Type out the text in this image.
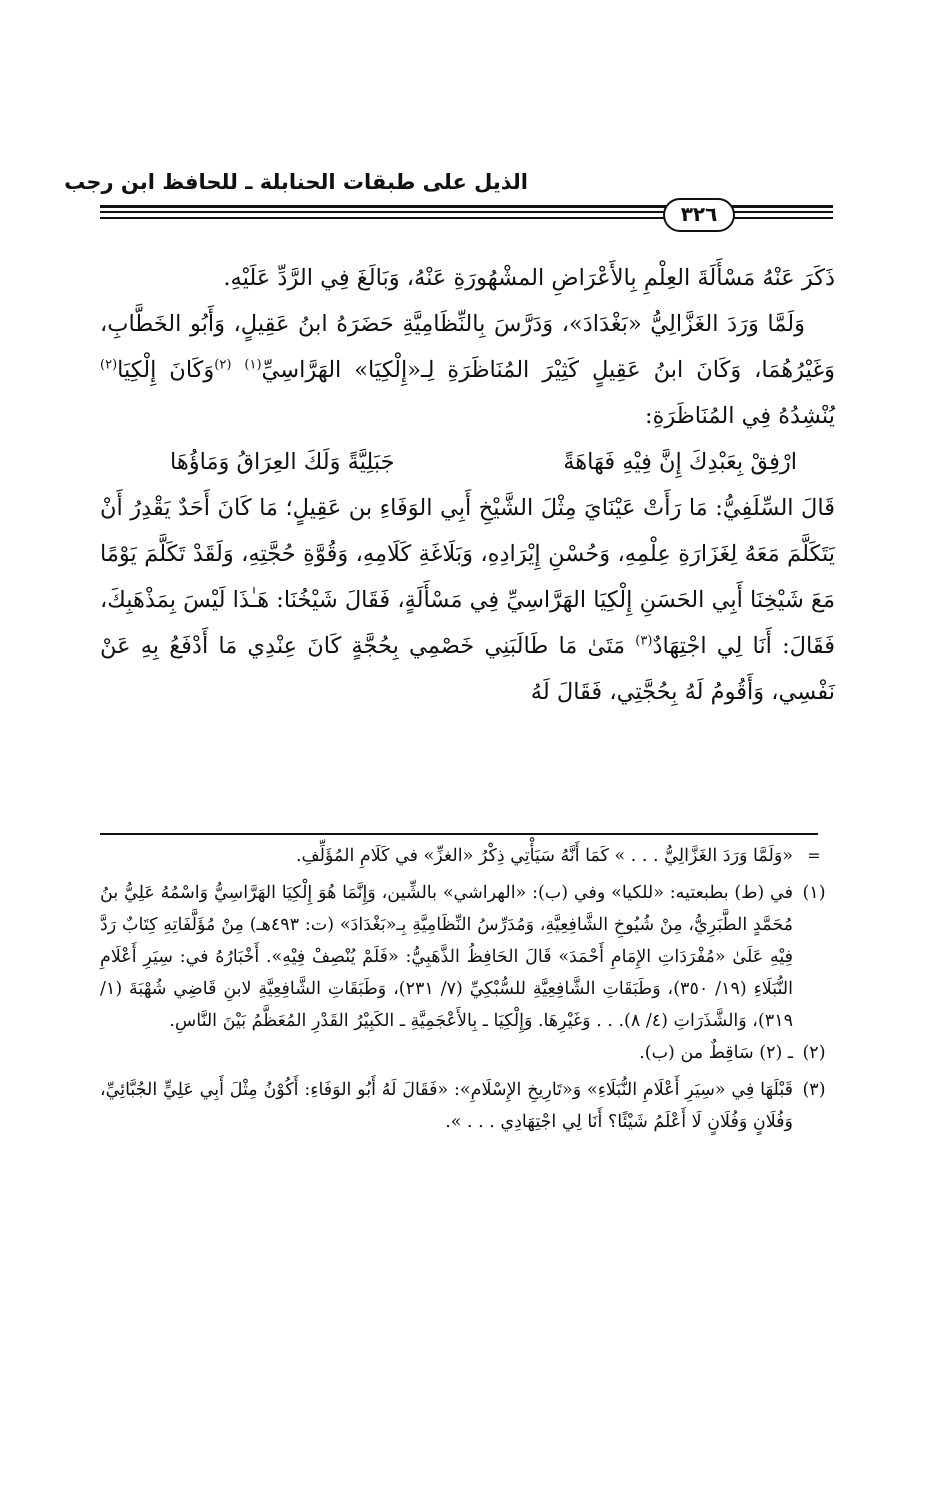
الذيل على طبقات الحنابلة ـ للحافظ ابن رجب
٣٢٦

ذَكَرَ عَنْهُ مَسْأَلَةَ العِلْمِ بِالأَعْرَاضِ المشْهُورَةِ عَنْهُ، وَبَالَغَ فِي الرَّدِّ عَلَيْهِ.

وَلَمَّا وَرَدَ الغَزَّالِيُّ «بَغْدَادَ»، وَدَرَّسَ بِالنِّظَامِيَّةِ حَضَرَهُ ابنُ عَقِيلٍ، وَأَبُو الخَطَّابِ، وَغَيْرُهُمَا، وَكَانَ ابنُ عَقِيلٍ كَثِيْرَ المُنَاظَرَةِ لِـ«إِلْكِيَا» الهَرَّاسِيِّ$^{(١)}$ $^{(٢)}$وَكَانَ إِلْكِيَا$^{(٢)}$ يُنْشِدُهُ فِي المُنَاظَرَةِ:

ارْفِقْ بِعَبْدِكَ إِنَّ فِيْهِ فَهَاهَةً
جَبَلِيَّةً وَلَكَ العِرَاقُ وَمَاؤُهَا

قَالَ السِّلَفِيُّ: مَا رَأَتْ عَيْنَايَ مِثْلَ الشَّيْخِ أَبِي الوَفَاءِ بن عَقِيلٍ؛ مَا كَانَ أَحَدٌ يَقْدِرُ أَنْ يَتَكَلَّمَ مَعَهُ لِغَزَارَةِ عِلْمِهِ، وَحُسْنِ إِيْرَادِهِ، وَبَلَاغَةِ كَلَامِهِ، وَقُوَّةِ حُجَّتِهِ، وَلَقَدْ تَكَلَّمَ يَوْمًا مَعَ شَيْخِنَا أَبِي الحَسَنِ إِلْكِيَا الهَرَّاسِيِّ فِي مَسْأَلَةٍ، فَقَالَ شَيْخُنَا: هَـٰذَا لَيْسَ بِمَذْهَبِكَ، فَقَالَ: أَنَا لِي اجْتِهَادٌ$^{(٣)}$ مَتَىٰ مَا طَالَبَنِي خَصْمِي بِحُجَّةٍ كَانَ عِنْدِي مَا أَدْفَعُ بِهِ عَنْ نَفْسِي، وَأَقُومُ لَهُ بِحُجَّتِي، فَقَالَ لَهُ

=
«وَلَمَّا وَرَدَ الغَزَّالِيُّ . . . » كَمَا أَنَّهُ سَيَأْتِي ذِكْرُ «الغزِّ» في كَلَامِ المُؤَلِّفِ.
(١)
في (ط) بطبعتيه: «للكيا» وفي (ب): «الهراشي» بالشِّين، وَإِنَّمَا هُوَ إِلْكِيَا الهَرَّاسِيُّ وَاسْمُهُ عَلِيُّ بنُ مُحَمَّدٍ الطَّبَرِيُّ، مِنْ شُيُوخِ الشَّافِعِيَّةِ، وَمُدَرِّسُ النِّظَامِيَّةِ بِـ«بَغْدَادَ» (ت: ٤٩٣هـ) مِنْ مُؤَلَّفَاتِهِ كِتَابٌ رَدَّ فِيْهِ عَلَىٰ «مُفْرَدَاتِ الإِمَامِ أَحْمَدَ» قَالَ الحَافِظُ الذَّهَبِيُّ: «فَلَمْ يُنْصِفْ فِيْهِ». أَخْبَارُهُ في: سِيَرِ أَعْلَامِ النُّبَلَاءِ (١٩/ ٣٥٠)، وَطَبَقَاتِ الشَّافِعِيَّةِ للسُّبْكِيِّ (٧/ ٢٣١)، وَطَبَقَاتِ الشَّافِعِيَّةِ لابنِ قَاضِي شُهْبَةَ (١/ ٣١٩)، وَالشَّذَرَاتِ (٤/ ٨). . . وَغَيْرِهَا. وَإِلْكِيَا ـ بِالأَعْجَمِيَّةِ ـ الكَبِيْرُ القَدْرِ المُعَظَّمُ بَيْنَ النَّاسِ.
(٢)
ـ (٢) سَاقِطٌ من (ب).
(٣)
قَبْلَهَا فِي «سِيَرِ أَعْلَامِ النُّبَلَاءِ» وَ«تَارِيخِ الإِسْلَامِ»: «فَقَالَ لَهُ أَبُو الوَفَاءِ: أَكُوْنُ مِثْلَ أَبِي عَلِيٍّ الجُبَّائِيِّ، وَفُلَانٍ وَفُلَانٍ لَا أَعْلَمُ شَيْئًا؟ أَنَا لِي اجْتِهَادِي . . . ».
